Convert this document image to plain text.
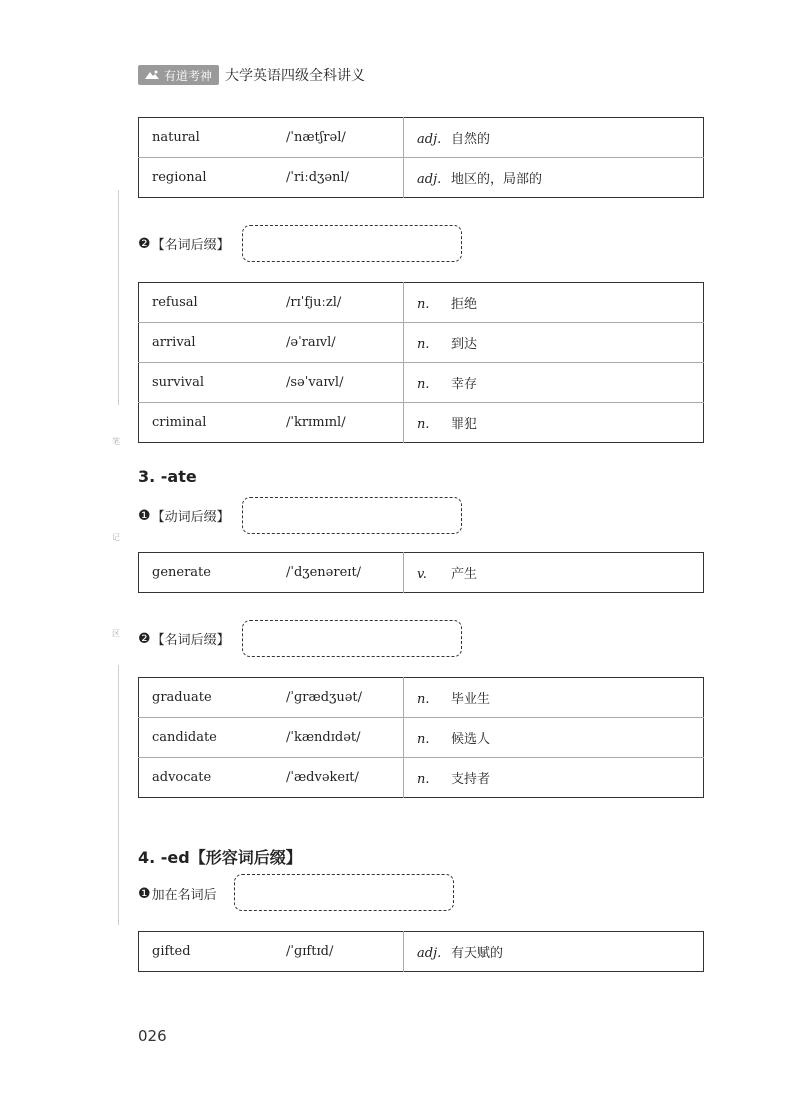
有道考神 大学英语四级全科讲义
笔
记
区
natural	/ˈnætʃrəl/	adj. 自然的
regional	/ˈriːdʒənl/	adj. 地区的，局部的
❷ 【名词后缀】
refusal	/rɪˈfjuːzl/	n. 拒绝
arrival	/əˈraɪvl/	n. 到达
survival	/səˈvaɪvl/	n. 幸存
criminal	/ˈkrɪmɪnl/	n. 罪犯
3. -ate
❶ 【动词后缀】
generate	/ˈdʒenəreɪt/	v. 产生
❷ 【名词后缀】
graduate	/ˈɡrædʒuət/	n. 毕业生
candidate	/ˈkændɪdət/	n. 候选人
advocate	/ˈædvəkeɪt/	n. 支持者
4. -ed【形容词后缀】
❶ 加在名词后
gifted	/ˈɡɪftɪd/	adj. 有天赋的
026
